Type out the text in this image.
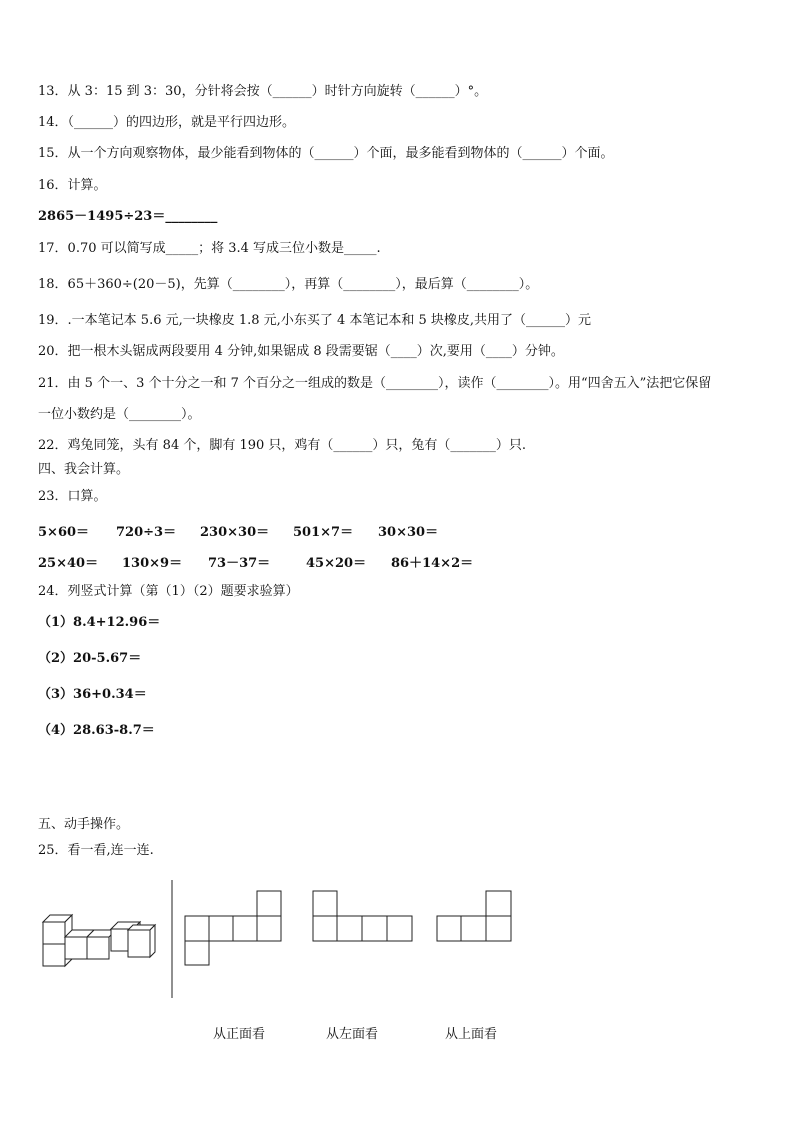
13．从 3：15 到 3：30，分针将会按（______）时针方向旋转（______）°。
14．（______）的四边形，就是平行四边形。
15．从一个方向观察物体，最少能看到物体的（______）个面，最多能看到物体的（______）个面。
16．计算。
2865－1495÷23＝________
17．0.70 可以简写成_____；将 3.4 写成三位小数是_____.
18．65＋360÷(20－5)，先算（________），再算（________），最后算（________）。
19．.一本笔记本 5.6 元,一块橡皮 1.8 元,小东买了 4 本笔记本和 5 块橡皮,共用了（______）元
20．把一根木头锯成两段要用 4 分钟,如果锯成 8 段需要锯（____）次,要用（____）分钟。
21．由 5 个一、3 个十分之一和 7 个百分之一组成的数是（________），读作（________）。用“四舍五入”法把它保留
一位小数约是（________）。
22．鸡兔同笼，头有 84 个，脚有 190 只，鸡有（______）只，兔有（_______）只.
四、我会计算。
23．口算。
5×60＝ 720÷3＝ 230×30＝ 501×7＝ 30×30＝
25×40＝ 130×9＝ 73－37＝	45×20＝ 86＋14×2＝
24．列竖式计算（第（1）（2）题要求验算）
（1）8.4+12.96＝
（2）20-5.67＝
（3）36+0.34＝
（4）28.63-8.7＝
五、动手操作。
25．看一看,连一连.
从正面看	从左面看	从上面看
